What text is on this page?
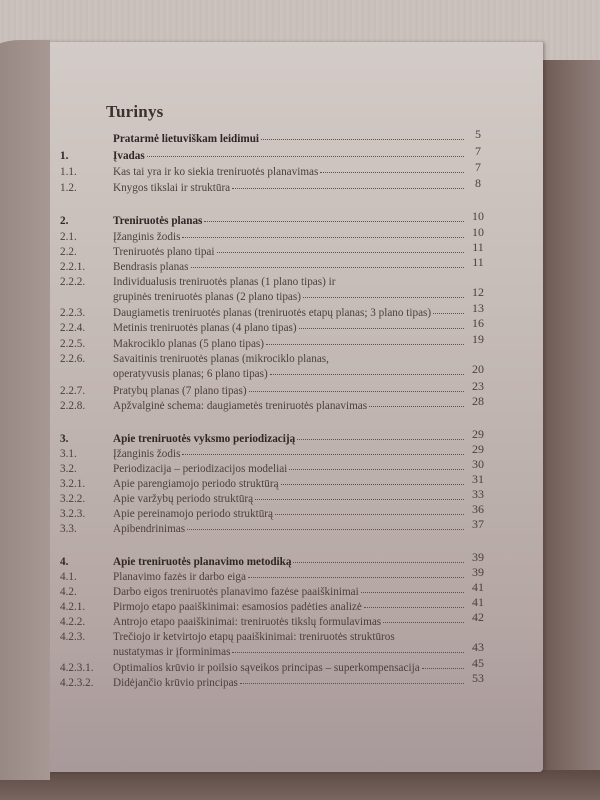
Turinys
Pratarmė lietuviškam leidimui	5
1.	Įvadas	7
1.1.	Kas tai yra ir ko siekia treniruotės planavimas	7
1.2.	Knygos tikslai ir struktūra	8
2.	Treniruotės planas	10
2.1.	Įžanginis žodis	10
2.2.	Treniruotės plano tipai	11
2.2.1.	Bendrasis planas	11
2.2.2.	Individualusis treniruotės planas (1 plano tipas) ir
grupinės treniruotės planas (2 plano tipas)	12
2.2.3.	Daugiametis treniruotės planas (treniruotės etapų planas; 3 plano tipas)	13
2.2.4.	Metinis treniruotės planas (4 plano tipas)	16
2.2.5.	Makrociklo planas (5 plano tipas)	19
2.2.6.	Savaitinis treniruotės planas (mikrociklo planas,
operatyvusis planas; 6 plano tipas)	20
2.2.7.	Pratybų planas (7 plano tipas)	23
2.2.8.	Apžvalginė schema: daugiametės treniruotės planavimas	28
3.	Apie treniruotės vyksmo periodizaciją	29
3.1.	Įžanginis žodis	29
3.2.	Periodizacija – periodizacijos modeliai	30
3.2.1.	Apie parengiamojo periodo struktūrą	31
3.2.2.	Apie varžybų periodo struktūrą	33
3.2.3.	Apie pereinamojo periodo struktūrą	36
3.3.	Apibendrinimas	37
4.	Apie treniruotės planavimo metodiką	39
4.1.	Planavimo fazės ir darbo eiga	39
4.2.	Darbo eigos treniruotės planavimo fazėse paaiškinimai	41
4.2.1.	Pirmojo etapo paaiškinimai: esamosios padėties analizė	41
4.2.2.	Antrojo etapo paaiškinimai: treniruotės tikslų formulavimas	42
4.2.3.	Trečiojo ir ketvirtojo etapų paaiškinimai: treniruotės struktūros
nustatymas ir įforminimas	43
4.2.3.1.	Optimalios krūvio ir poilsio sąveikos principas – superkompensacija	45
4.2.3.2.	Didėjančio krūvio principas	53
